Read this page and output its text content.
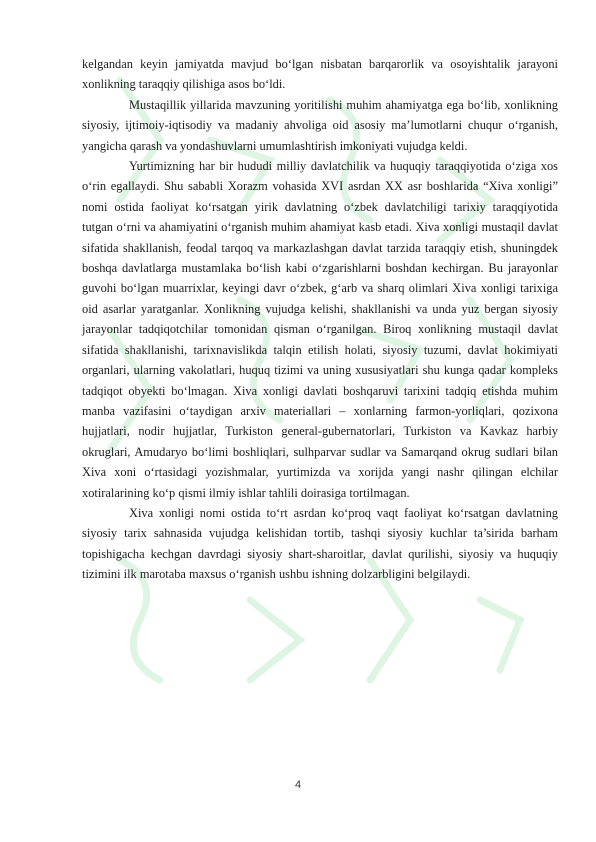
kelgandan keyin jamiyatda mavjud bo‘lgan nisbatan barqarorlik va osoyishtalik jarayoni xonlikning taraqqiy qilishiga asos bo‘ldi.

Mustaqillik yillarida mavzuning yoritilishi muhim ahamiyatga ega bo‘lib, xonlikning siyosiy, ijtimoiy-iqtisodiy va madaniy ahvoliga oid asosiy ma’lumotlarni chuqur o‘rganish, yangicha qarash va yondashuvlarni umumlashtirish imkoniyati vujudga keldi.

Yurtimizning har bir hududi milliy davlatchilik va huquqiy taraqqiyotida o‘ziga xos o‘rin egallaydi. Shu sababli Xorazm vohasida XVI asrdan XX asr boshlarida “Xiva xonligi” nomi ostida faoliyat ko‘rsatgan yirik davlatning o‘zbek davlatchiligi tarixiy taraqqiyotida tutgan o‘rni va ahamiyatini o‘rganish muhim ahamiyat kasb etadi. Xiva xonligi mustaqil davlat sifatida shakllanish, feodal tarqoq va markazlashgan davlat tarzida taraqqiy etish, shuningdek boshqa davlatlarga mustamlaka bo‘lish kabi o‘zgarishlarni boshdan kechirgan. Bu jarayonlar guvohi bo‘lgan muarrixlar, keyingi davr o‘zbek, g‘arb va sharq olimlari Xiva xonligi tarixiga oid asarlar yaratganlar. Xonlikning vujudga kelishi, shakllanishi va unda yuz bergan siyosiy jarayonlar tadqiqotchilar tomonidan qisman o‘rganilgan. Biroq xonlikning mustaqil davlat sifatida shakllanishi, tarixnavislikda talqin etilish holati, siyosiy tuzumi, davlat hokimiyati organlari, ularning vakolatlari, huquq tizimi va uning xususiyatlari shu kunga qadar kompleks tadqiqot obyekti bo‘lmagan. Xiva xonligi davlati boshqaruvi tarixini tadqiq etishda muhim manba vazifasini o‘taydigan arxiv materiallari – xonlarning farmon-yorliqlari, qozixona hujjatlari, nodir hujjatlar, Turkiston general-gubernatorlari, Turkiston va Kavkaz harbiy okruglari, Amudaryo bo‘limi boshliqlari, sulhparvar sudlar va Samarqand okrug sudlari bilan Xiva xoni o‘rtasidagi yozishmalar, yurtimizda va xorijda yangi nashr qilingan elchilar xotiralarining ko‘p qismi ilmiy ishlar tahlili doirasiga tortilmagan.

Xiva xonligi nomi ostida to‘rt asrdan ko‘proq vaqt faoliyat ko‘rsatgan davlatning siyosiy tarix sahnasida vujudga kelishidan tortib, tashqi siyosiy kuchlar ta’sirida barham topishigacha kechgan davrdagi siyosiy shart-sharoitlar, davlat qurilishi, siyosiy va huquqiy tizimini ilk marotaba maxsus o‘rganish ushbu ishning dolzarbligini belgilaydi.

4
